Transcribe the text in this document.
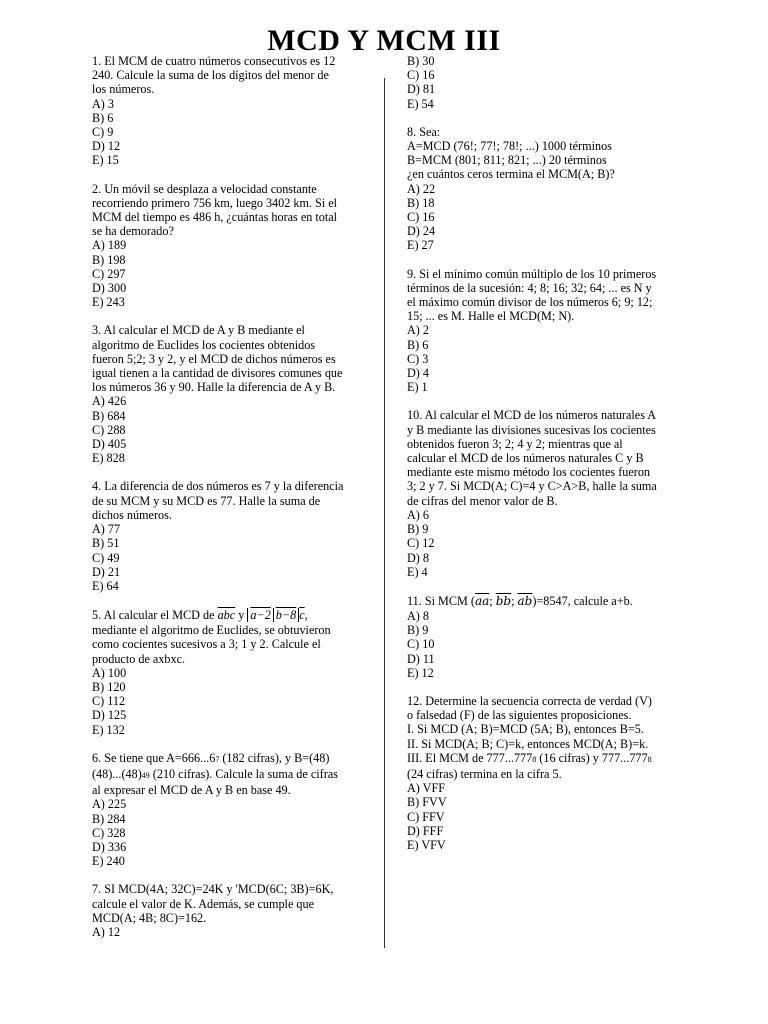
MCD Y MCM III
1. El MCM de cuatro números consecutivos es 12
240. Calcule la suma de los dígitos del menor de
los números.
A) 3
B) 6
C) 9
D) 12
E) 15
2. Un móvil se desplaza a velocidad constante
recorriendo primero 756 km, luego 3402 km. Si el
MCM del tiempo es 486 h, ¿cuántas horas en total
se ha demorado?
A) 189
B) 198
C) 297
D) 300
E) 243
3. Al calcular el MCD de A y B mediante el
algoritmo de Euclides los cocientes obtenidos
fueron 5;2; 3 y 2, y el MCD de dichos números es
igual tienen a la cantidad de divisores comunes que
los números 36 y 90. Halle la diferencia de A y B.
A) 426
B) 684
C) 288
D) 405
E) 828
4. La diferencia de dos números es 7 y la diferencia
de su MCM y su MCD es 77. Halle la suma de
dichos números.
A) 77
B) 51
C) 49
D) 21
E) 64
5. Al calcular el MCD de $\overline{abc}$ y a−2 b−8 c,
mediante el algoritmo de Euclides, se obtuvieron
como cocientes sucesivos a 3; 1 y 2. Calcule el
producto de axbxc.
A) 100
B) 120
C) 112
D) 125
E) 132
6. Se tiene que A=666...67 (182 cifras), y B=(48)
(48)...(48)49 (210 cifras). Calcule la suma de cifras
al expresar el MCD de A y B en base 49.
A) 225
B) 284
C) 328
D) 336
E) 240
7. SI MCD(4A; 32C)=24K y 'MCD(6C; 3B)=6K,
calcule el valor de K. Además, se cumple que
MCD(A; 4B; 8C)=162.
A) 12
B) 30
C) 16
D) 81
E) 54
8. Sea:
A=MCD (76!; 77!; 78!; ...) 1000 términos
B=MCM (801; 811; 821; ...) 20 términos
¿en cuántos ceros termina el MCM(A; B)?
A) 22
B) 18
C) 16
D) 24
E) 27
9. Si el mínimo común múltiplo de los 10 primeros
términos de la sucesión: 4; 8; 16; 32; 64; ... es N y
el máximo común divisor de los números 6; 9; 12;
15; ... es M. Halle el MCD(M; N).
A) 2
B) 6
C) 3
D) 4
E) 1
10. Al calcular el MCD de los números naturales A
y B mediante las divisiones sucesivas los cocientes
obtenidos fueron 3; 2; 4 y 2; mientras que al
calcular el MCD de los números naturales C y B
mediante este mismo método los cocientes fueron
3; 2 y 7. Si MCD(A; C)=4 y C>A>B, halle la suma
de cifras del menor valor de B.
A) 6
B) 9
C) 12
D) 8
E) 4
11. Si MCM ($\overline{aa}$; $\overline{bb}$; $\overline{ab})=8547$, calcule a+b.
A) 8
B) 9
C) 10
D) 11
E) 12
12. Determine la secuencia correcta de verdad (V)
o falsedad (F) de las siguientes proposiciones.
I. Si MCD (A; B)=MCD (5A; B), entonces B=5.
II. Si MCD(A; B; C)=k, entonces MCD(A; B)=k.
III. El MCM de 777...7778 (16 cifras) y 777...7778
(24 cifras) termina en la cifra 5.
A) VFF
B) FVV
C) FFV
D) FFF
E) VFV
